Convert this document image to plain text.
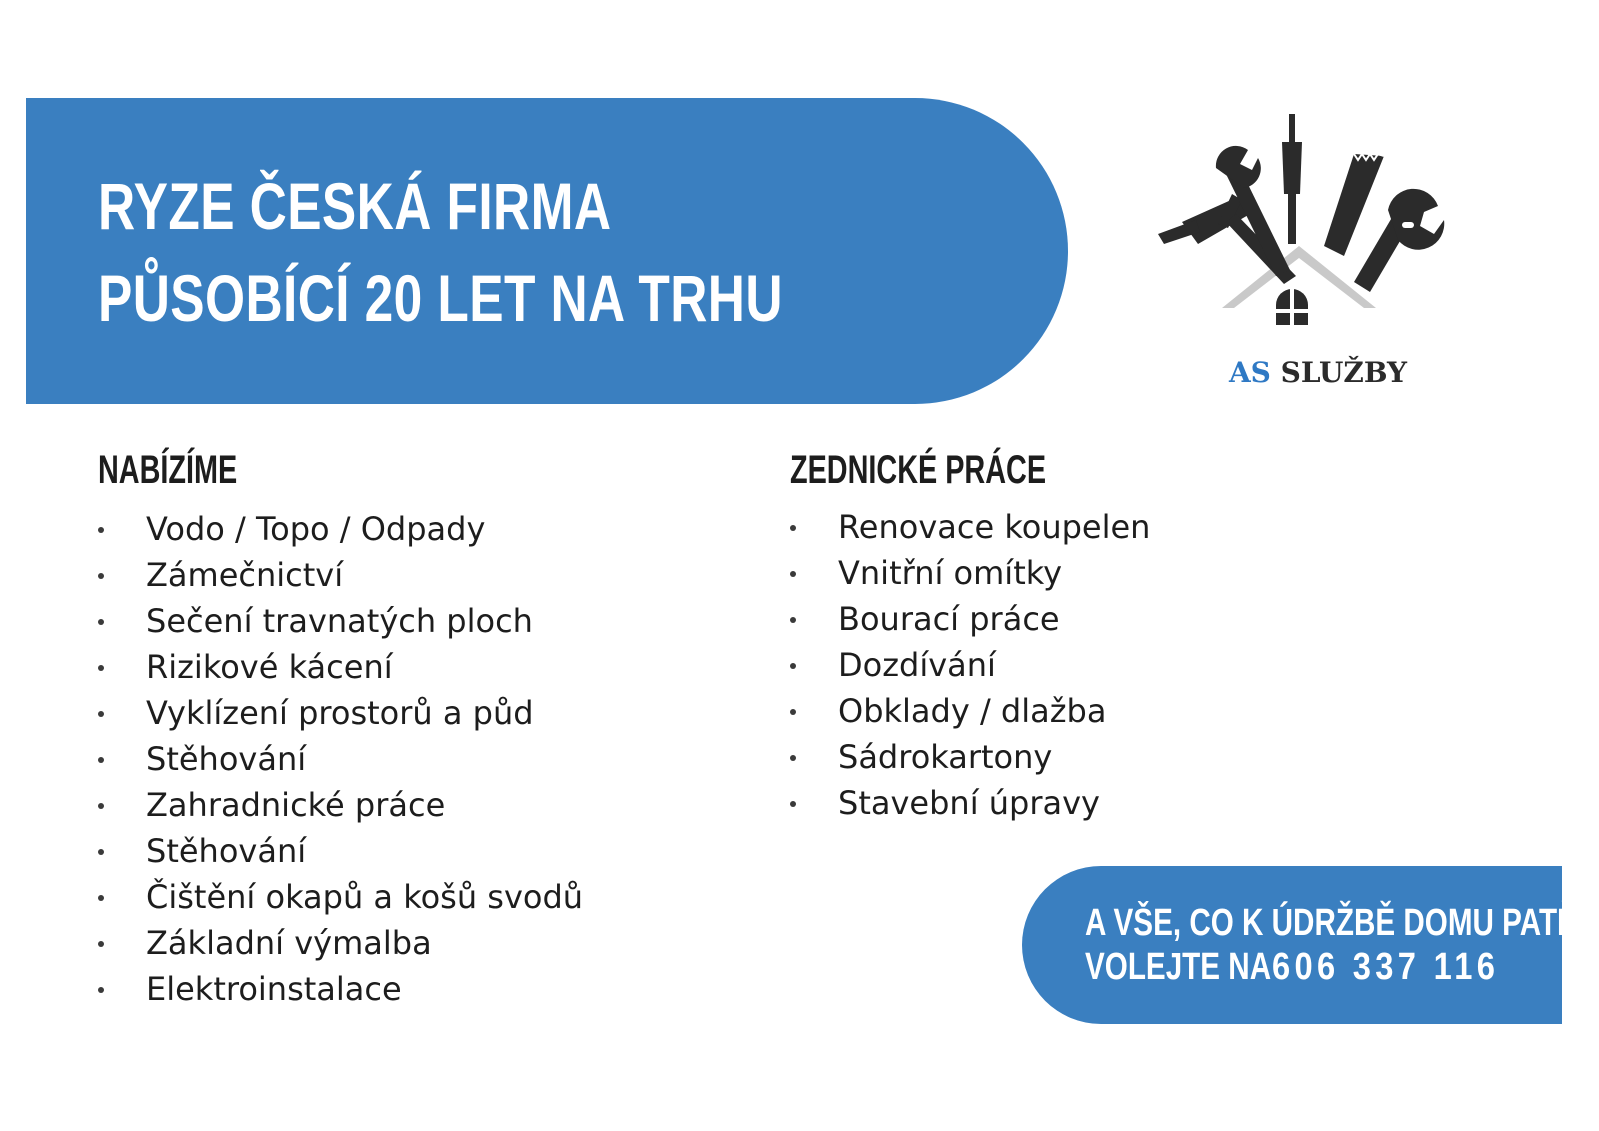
RYZE ČESKÁ FIRMA
PŮSOBÍCÍ 20 LET NA TRHU
AS SLUŽBY
NABÍZÍME
Vodo / Topo / Odpady
Zámečnictví
Sečení travnatých ploch
Rizikové kácení
Vyklízení prostorů a půd
Stěhování
Zahradnické práce
Stěhování
Čištění okapů a košů svodů
Základní výmalba
Elektroinstalace
ZEDNICKÉ PRÁCE
Renovace koupelen
Vnitřní omítky
Bourací práce
Dozdívání
Obklady / dlažba
Sádrokartony
Stavební úpravy

A VŠE, CO K ÚDRŽBĚ DOMU PATŘÍ

VOLEJTE NA 606 337 116
